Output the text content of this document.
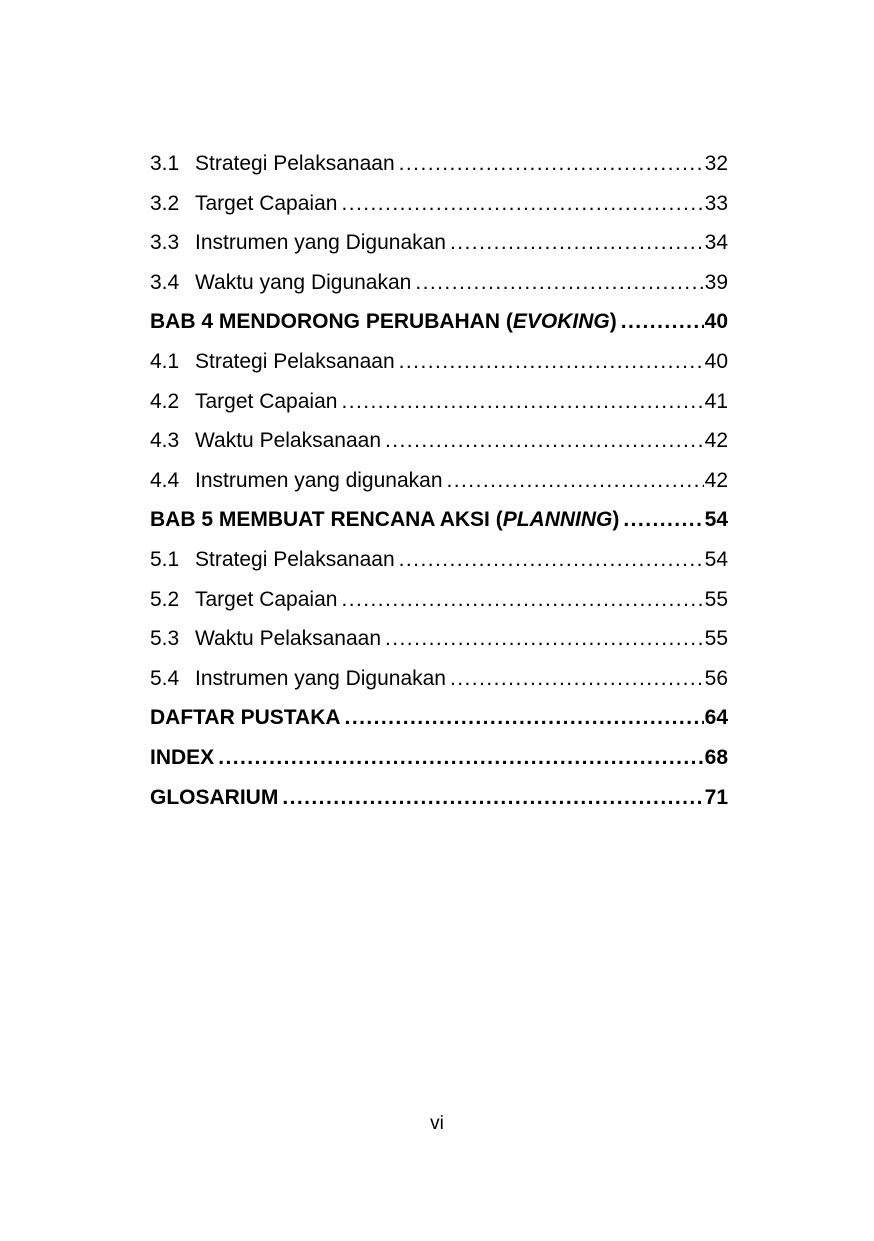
3.1 Strategi Pelaksanaan . . .	32
3.2 Target Capaian . . .	33
3.3 Instrumen yang Digunakan . . .	34
3.4 Waktu yang Digunakan . . .	39
BAB 4 MENDORONG PERUBAHAN (EVOKING) . . .	40
4.1 Strategi Pelaksanaan . . .	40
4.2 Target Capaian . . .	41
4.3 Waktu Pelaksanaan . . .	42
4.4 Instrumen yang digunakan . . .	42
BAB 5 MEMBUAT RENCANA AKSI (PLANNING) . . .	54
5.1 Strategi Pelaksanaan . . .	54
5.2 Target Capaian . . .	55
5.3 Waktu Pelaksanaan . . .	55
5.4 Instrumen yang Digunakan . . .	56
DAFTAR PUSTAKA . . .	64
INDEX . . .	68
GLOSARIUM . . .	71
vi
